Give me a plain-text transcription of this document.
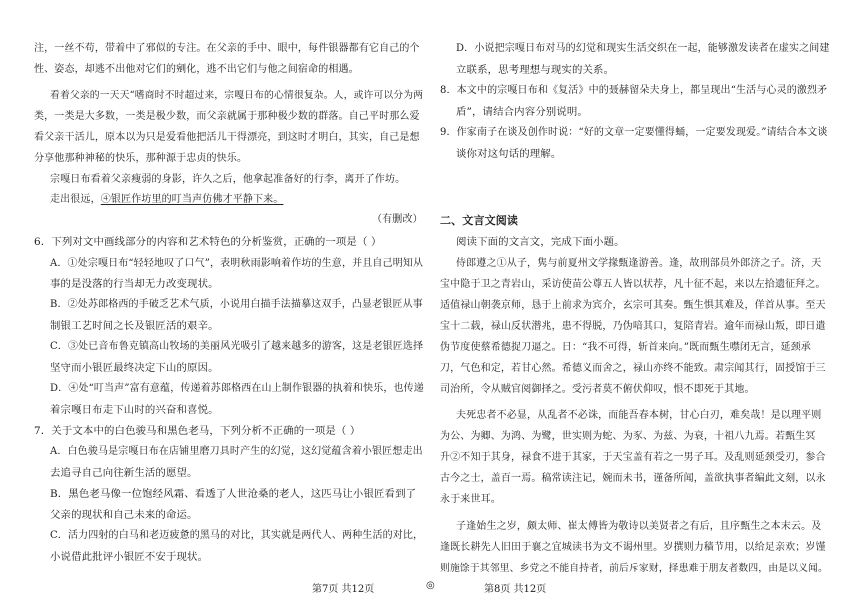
注，一丝不苟，带着中了邪似的专注。在父亲的手中、眼中，每件银器都有它自己的个
性、姿态，却逃不出他对它们的剜化，逃不出它们与他之间宿命的相遇。
看着父亲的一天天“嗜商时不时超过来，宗嘎日布的心情很复杂。人，或许可以分为两
类，一类是大多数，一类是极少数，而父亲就属于那种极少数的群落。自己平时那么爱
看父亲干活儿，原本以为只是爱看他把活儿干得漂亮，到这时才明白，其实，自己是想
分享他那种神秘的快乐，那种源于忠贞的快乐。
宗嘎日布看着父亲瘦弱的身影，许久之后，他拿起准备好的行李，离开了作坊。
走出很远，④银匠作坊里的叮当声仿佛才平静下来。
（有删改）
6．下列对文中画线部分的内容和艺术特色的分析鉴赏，正确的一项是（ ）
A．①处宗嘎日布“轻轻地叹了口气”，表明秋雨影响着作坊的生意，并且自己明知从
事的是没落的行当却无力改变现状。
B．②处苏郎格西的手破乏艺术气质，小说用白描手法描摹这双手，凸显老银匠从事
制银工艺时间之长及银匠活的艰辛。
C．③处已音布鲁克镇高山牧场的美丽风光吸引了越来越多的游客，这是老银匠选择
坚守而小银匠最终决定下山的原因。
D．④处“叮当声”富有意蕴，传递着苏郎格西在山上制作银器的执着和快乐，也传递
着宗嘎日布走下山时的兴奋和喜悦。
7．关于文本中的白色骏马和黑色老马，下列分析不正确的一项是（ ）
A．白色骏马是宗嘎日布在店铺里磨刀具时产生的幻觉，这幻觉蕴含着小银匠想走出
去追寻自己向往新生活的愿望。
B．黑色老马像一位饱经风霜、看透了人世沧桑的老人，这匹马让小银匠看到了
父亲的现状和自己未来的命运。
C．活力四射的白马和老迈疲惫的黑马的对比，其实就是两代人、两种生活的对比，
小说借此批评小银匠不安于现状。
D．小说把宗嘎日布对马的幻觉和现实生活交织在一起，能够激发读者在虚实之间建
立联系，思考理想与现实的关系。
8．本文中的宗嘎日布和《复活》中的聂赫留朵夫身上，都呈现出“生活与心灵的激烈矛
盾”，请结合内容分别说明。
9．作家南子在谈及创作时说：“好的文章一定要懂得蛹，一定要发现爱。”请结合本文谈
谈你对这句话的理解。
二、文言文阅读
阅读下面的文言文，完成下面小题。
侍郎遵之①从子，隽与前夏州文学掾甄逢游善。逢，故刑部员外郎济之子。济，天
宝中隐于卫之青岩山，采访使苗公尊五人皆以状荐，凡十征不起，来以左拾遗征拜之。
适值禄山朝袭京师，恳于上前求为宾介，玄宗可其奏。甄生惧其难及，佯首从事。至天
宝十二载，禄山反状潜兆，患不得脱，乃伪喑其口，复陪青岩。逾年而禄山叛，即日遣
伪节度使蔡希德捉刀逼之。日：“我不可得，斩首来向。”既而甄生噤闭无言，延颈承
刀，气色和定，若甘心然。希德义而舍之，禄山亦终不能致。肃宗闻其行，固授馆于三
司治所，令从贼官阅御择之。受污者莫不俯伏仰叹，恨不即死于其地。
夫死忠者不必显，从乱者不必诛，而能吾春本树，甘心白刃，难矣哉！是以理平则
为公、为卿、为鸿、为鹭，世实则为蛇、为豕、为兹、为衰，十祖八九焉。若甄生冥
升②不知于其身，禄食不进于其家，于天宝盖有若之一男子耳。及乱则延颈受刃，参合
古今之士，盖百一焉。稿常读注记，婉而未书，谨备所闻，盖欲执事者编此文刻，以永
永于来世耳。
子逢始生之岁，颇太师、崔太傅皆为敬诗以美贤者之有后，且序甄生之本末云。及
逢既长耕先人旧田于襄之宜城读书为文不谒州里。岁撰则力穑节用，以给足亲欢；岁馑
则施馀于其邻里、乡党之不能自持者，前后斥家财，择患难于朋友者数四，由是以义闻。
第7页 共12页	◎	第8页 共12页
